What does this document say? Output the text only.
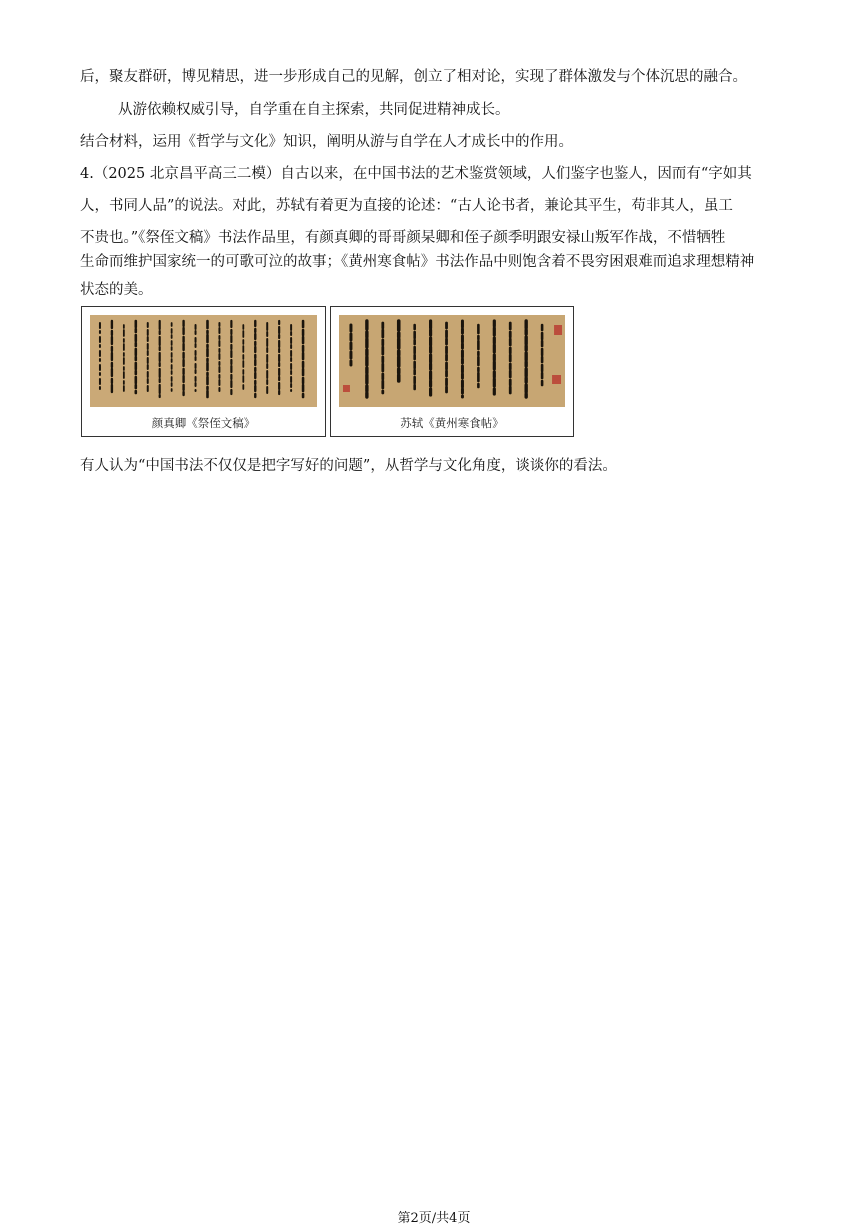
后，聚友群研，博见精思，进一步形成自己的见解，创立了相对论，实现了群体激发与个体沉思的融合。
从游依赖权威引导，自学重在自主探索，共同促进精神成长。
结合材料，运用《哲学与文化》知识，阐明从游与自学在人才成长中的作用。
4.（2025 北京昌平高三二模）自古以来，在中国书法的艺术鉴赏领域，人们鉴字也鉴人，因而有“字如其
人，书同人品”的说法。对此，苏轼有着更为直接的论述：“古人论书者，兼论其平生，苟非其人，虽工
不贵也。”《祭侄文稿》书法作品里，有颜真卿的哥哥颜杲卿和侄子颜季明跟安禄山叛军作战，不惜牺牲
生命而维护国家统一的可歌可泣的故事；《黄州寒食帖》书法作品中则饱含着不畏穷困艰难而追求理想精神
状态的美。
颜真卿《祭侄文稿》	苏轼《黄州寒食帖》
有人认为“中国书法不仅仅是把字写好的问题”，从哲学与文化角度，谈谈你的看法。
第2页/共4页
